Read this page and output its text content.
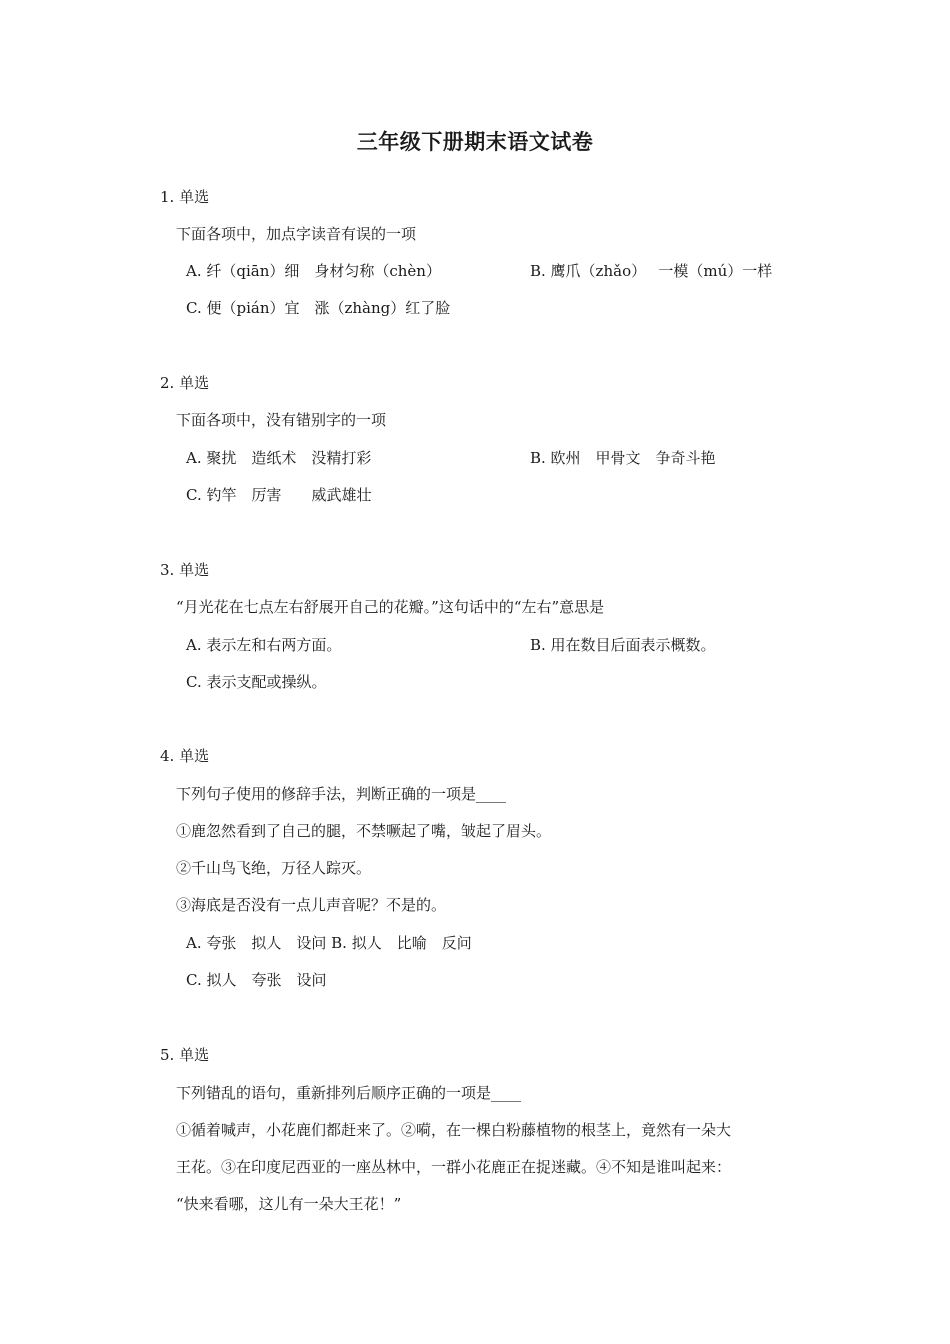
三年级下册期末语文试卷
1. 单选
下面各项中，加点字读音有误的一项
A. 纤（qiān）细　身材匀称（chèn）	B. 鹰爪（zhǎo）　 一模（mú）一样
C. 便（pián）宜　涨（zhàng）红了脸
2. 单选
下面各项中，没有错别字的一项
A. 聚扰　造纸术　没精打彩	B. 欧州　甲骨文　争奇斗艳
C. 钓竿　厉害　　威武雄壮
3. 单选
“月光花在七点左右舒展开自己的花瓣。”这句话中的“左右”意思是
A. 表示左和右两方面。	B. 用在数目后面表示概数。
C. 表示支配或操纵。
4. 单选
下列句子使用的修辞手法，判断正确的一项是____
①鹿忽然看到了自己的腿，不禁噘起了嘴，皱起了眉头。
②千山鸟飞绝，万径人踪灭。
③海底是否没有一点儿声音呢？不是的。
A. 夸张　拟人　设问 B. 拟人　比喻　反问
C. 拟人　夸张　设问
5. 单选
下列错乱的语句，重新排列后顺序正确的一项是____
①循着喊声，小花鹿们都赶来了。②嗬，在一棵白粉藤植物的根茎上，竟然有一朵大
王花。③在印度尼西亚的一座丛林中，一群小花鹿正在捉迷藏。④不知是谁叫起来：
“快来看哪，这儿有一朵大王花！”
